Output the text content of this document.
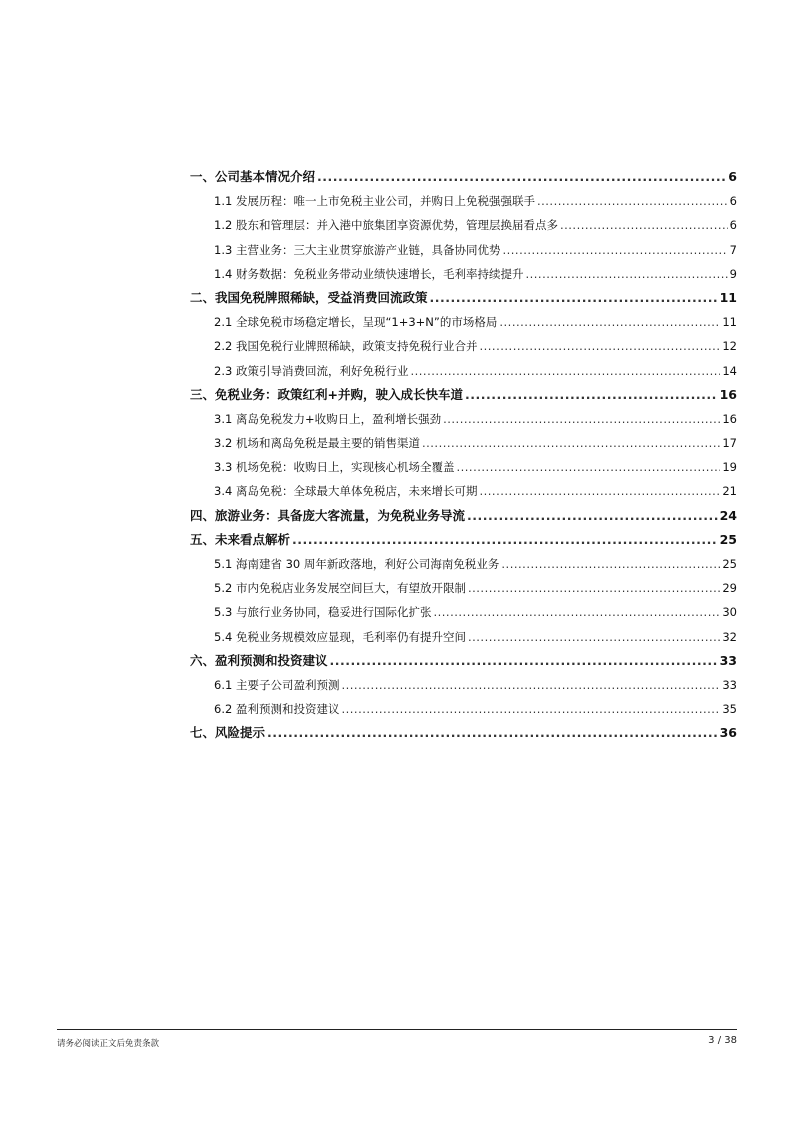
一、公司基本情况介绍 .....	6
1.1 发展历程：唯一上市免税主业公司，并购日上免税强强联手 .....	6
1.2 股东和管理层：并入港中旅集团享资源优势，管理层换届看点多 .....	6
1.3 主营业务：三大主业贯穿旅游产业链，具备协同优势 .....	7
1.4 财务数据：免税业务带动业绩快速增长，毛利率持续提升 .....	9
二、我国免税牌照稀缺，受益消费回流政策 .....	11
2.1 全球免税市场稳定增长，呈现“1+3+N”的市场格局 .....	11
2.2 我国免税行业牌照稀缺，政策支持免税行业合并 .....	12
2.3 政策引导消费回流，利好免税行业 .....	14
三、免税业务：政策红利+并购，驶入成长快车道 .....	16
3.1 离岛免税发力+收购日上，盈利增长强劲 .....	16
3.2 机场和离岛免税是最主要的销售渠道 .....	17
3.3 机场免税：收购日上，实现核心机场全覆盖 .....	19
3.4 离岛免税：全球最大单体免税店，未来增长可期 .....	21
四、旅游业务：具备庞大客流量，为免税业务导流 .....	24
五、未来看点解析 .....	25
5.1 海南建省 30 周年新政落地，利好公司海南免税业务 .....	25
5.2 市内免税店业务发展空间巨大，有望放开限制 .....	29
5.3 与旅行业务协同，稳妥进行国际化扩张 .....	30
5.4 免税业务规模效应显现，毛利率仍有提升空间 .....	32
六、盈利预测和投资建议 .....	33
6.1 主要子公司盈利预测 .....	33
6.2 盈利预测和投资建议 .....	35
七、风险提示 .....	36
请务必阅读正文后免责条款	3 / 38
